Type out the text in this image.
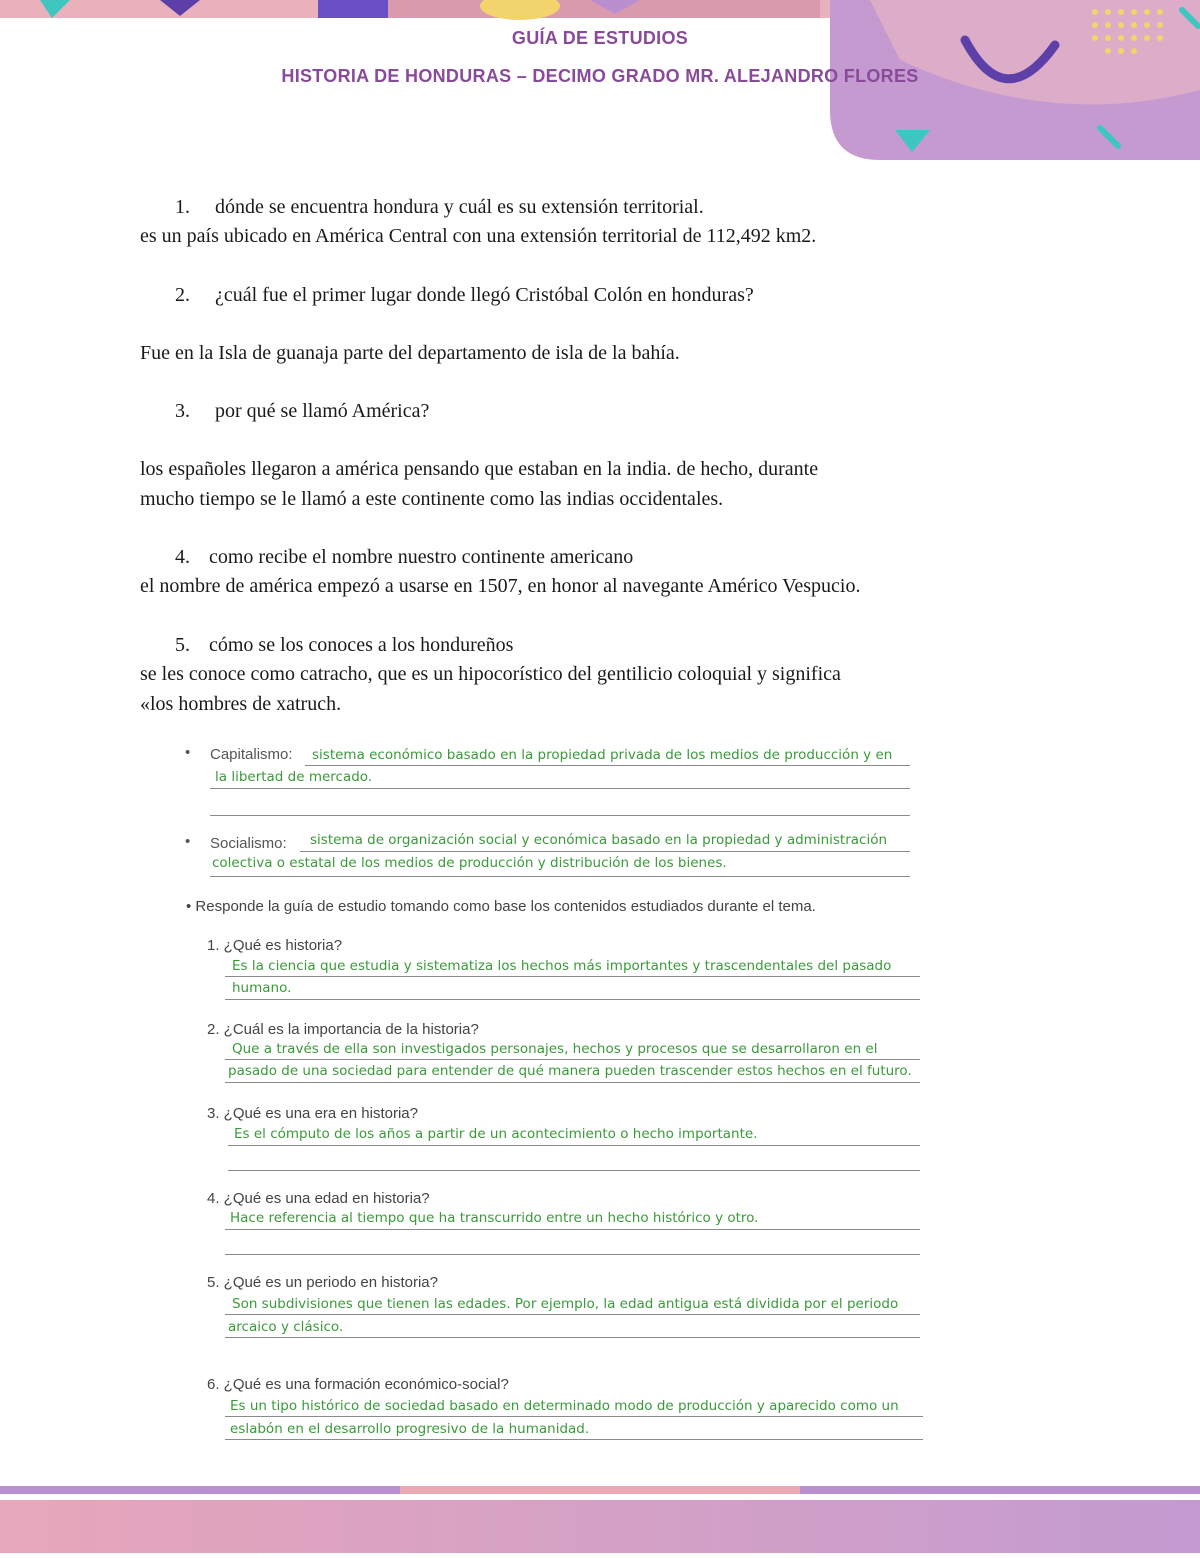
GUÍA DE ESTUDIOS
HISTORIA DE HONDURAS – DECIMO GRADO MR. ALEJANDRO FLORES
1. dónde se encuentra hondura y cuál es su extensión territorial.
es un país ubicado en América Central con una extensión territorial de 112,492 km2.
2. ¿cuál fue el primer lugar donde llegó Cristóbal Colón en honduras?
Fue en la Isla de guanaja parte del departamento de isla de la bahía.
3. por qué se llamó América?
los españoles llegaron a américa pensando que estaban en la india. de hecho, durante
mucho tiempo se le llamó a este continente como las indias occidentales.
4. como recibe el nombre nuestro continente americano
el nombre de américa empezó a usarse en 1507, en honor al navegante Américo Vespucio.
5. cómo se los conoces a los hondureños
se les conoce como catracho, que es un hipocorístico del gentilicio coloquial y significa
«los hombres de xatruch.
• Capitalismo: sistema económico basado en la propiedad privada de los medios de producción y en
la libertad de mercado.
• Socialismo: sistema de organización social y económica basado en la propiedad y administración
colectiva o estatal de los medios de producción y distribución de los bienes.
• Responde la guía de estudio tomando como base los contenidos estudiados durante el tema.
1. ¿Qué es historia?
Es la ciencia que estudia y sistematiza los hechos más importantes y trascendentales del pasado
humano.
2. ¿Cuál es la importancia de la historia?
Que a través de ella son investigados personajes, hechos y procesos que se desarrollaron en el
pasado de una sociedad para entender de qué manera pueden trascender estos hechos en el futuro.
3. ¿Qué es una era en historia?
Es el cómputo de los años a partir de un acontecimiento o hecho importante.
4. ¿Qué es una edad en historia?
Hace referencia al tiempo que ha transcurrido entre un hecho histórico y otro.
5. ¿Qué es un periodo en historia?
Son subdivisiones que tienen las edades. Por ejemplo, la edad antigua está dividida por el periodo
arcaico y clásico.
6. ¿Qué es una formación económico-social?
Es un tipo histórico de sociedad basado en determinado modo de producción y aparecido como un
eslabón en el desarrollo progresivo de la humanidad.
